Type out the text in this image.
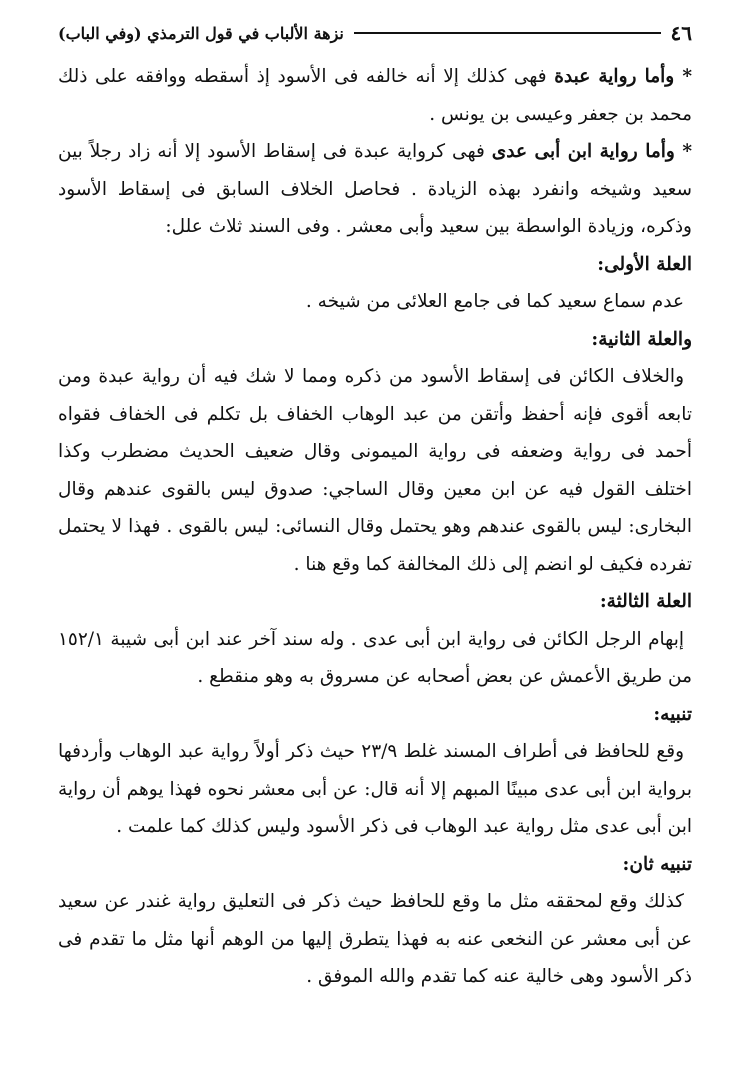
٤٦
نزهة الألباب في قول الترمذي (وفي الباب)

* وأما رواية عبدة فهى كذلك إلا أنه خالفه فى الأسود إذ أسقطه ووافقه على ذلك محمد بن جعفر وعيسى بن يونس .

* وأما رواية ابن أبى عدى فهى كرواية عبدة فى إسقاط الأسود إلا أنه زاد رجلاً بين سعيد وشيخه وانفرد بهذه الزيادة . فحاصل الخلاف السابق فى إسقاط الأسود وذكره، وزيادة الواسطة بين سعيد وأبى معشر . وفى السند ثلاث علل:

العلة الأولى:

عدم سماع سعيد كما فى جامع العلائى من شيخه .

والعلة الثانية:

والخلاف الكائن فى إسقاط الأسود من ذكره ومما لا شك فيه أن رواية عبدة ومن تابعه أقوى فإنه أحفظ وأتقن من عبد الوهاب الخفاف بل تكلم فى الخفاف فقواه أحمد فى رواية وضعفه فى رواية الميمونى وقال ضعيف الحديث مضطرب وكذا اختلف القول فيه عن ابن معين وقال الساجي: صدوق ليس بالقوى عندهم وقال البخارى: ليس بالقوى عندهم وهو يحتمل وقال النسائى: ليس بالقوى . فهذا لا يحتمل تفرده فكيف لو انضم إلى ذلك المخالفة كما وقع هنا .

العلة الثالثة:

إبهام الرجل الكائن فى رواية ابن أبى عدى . وله سند آخر عند ابن أبى شيبة ١٥٢/١ من طريق الأعمش عن بعض أصحابه عن مسروق به وهو منقطع .

تنبيه:

وقع للحافظ فى أطراف المسند غلط ٢٣/٩ حيث ذكر أولاً رواية عبد الوهاب وأردفها برواية ابن أبى عدى مبينًا المبهم إلا أنه قال: عن أبى معشر نحوه فهذا يوهم أن رواية ابن أبى عدى مثل رواية عبد الوهاب فى ذكر الأسود وليس كذلك كما علمت .

تنبيه ثان:

كذلك وقع لمحققه مثل ما وقع للحافظ حيث ذكر فى التعليق رواية غندر عن سعيد عن أبى معشر عن النخعى عنه به فهذا يتطرق إليها من الوهم أنها مثل ما تقدم فى ذكر الأسود وهى خالية عنه كما تقدم والله الموفق .
